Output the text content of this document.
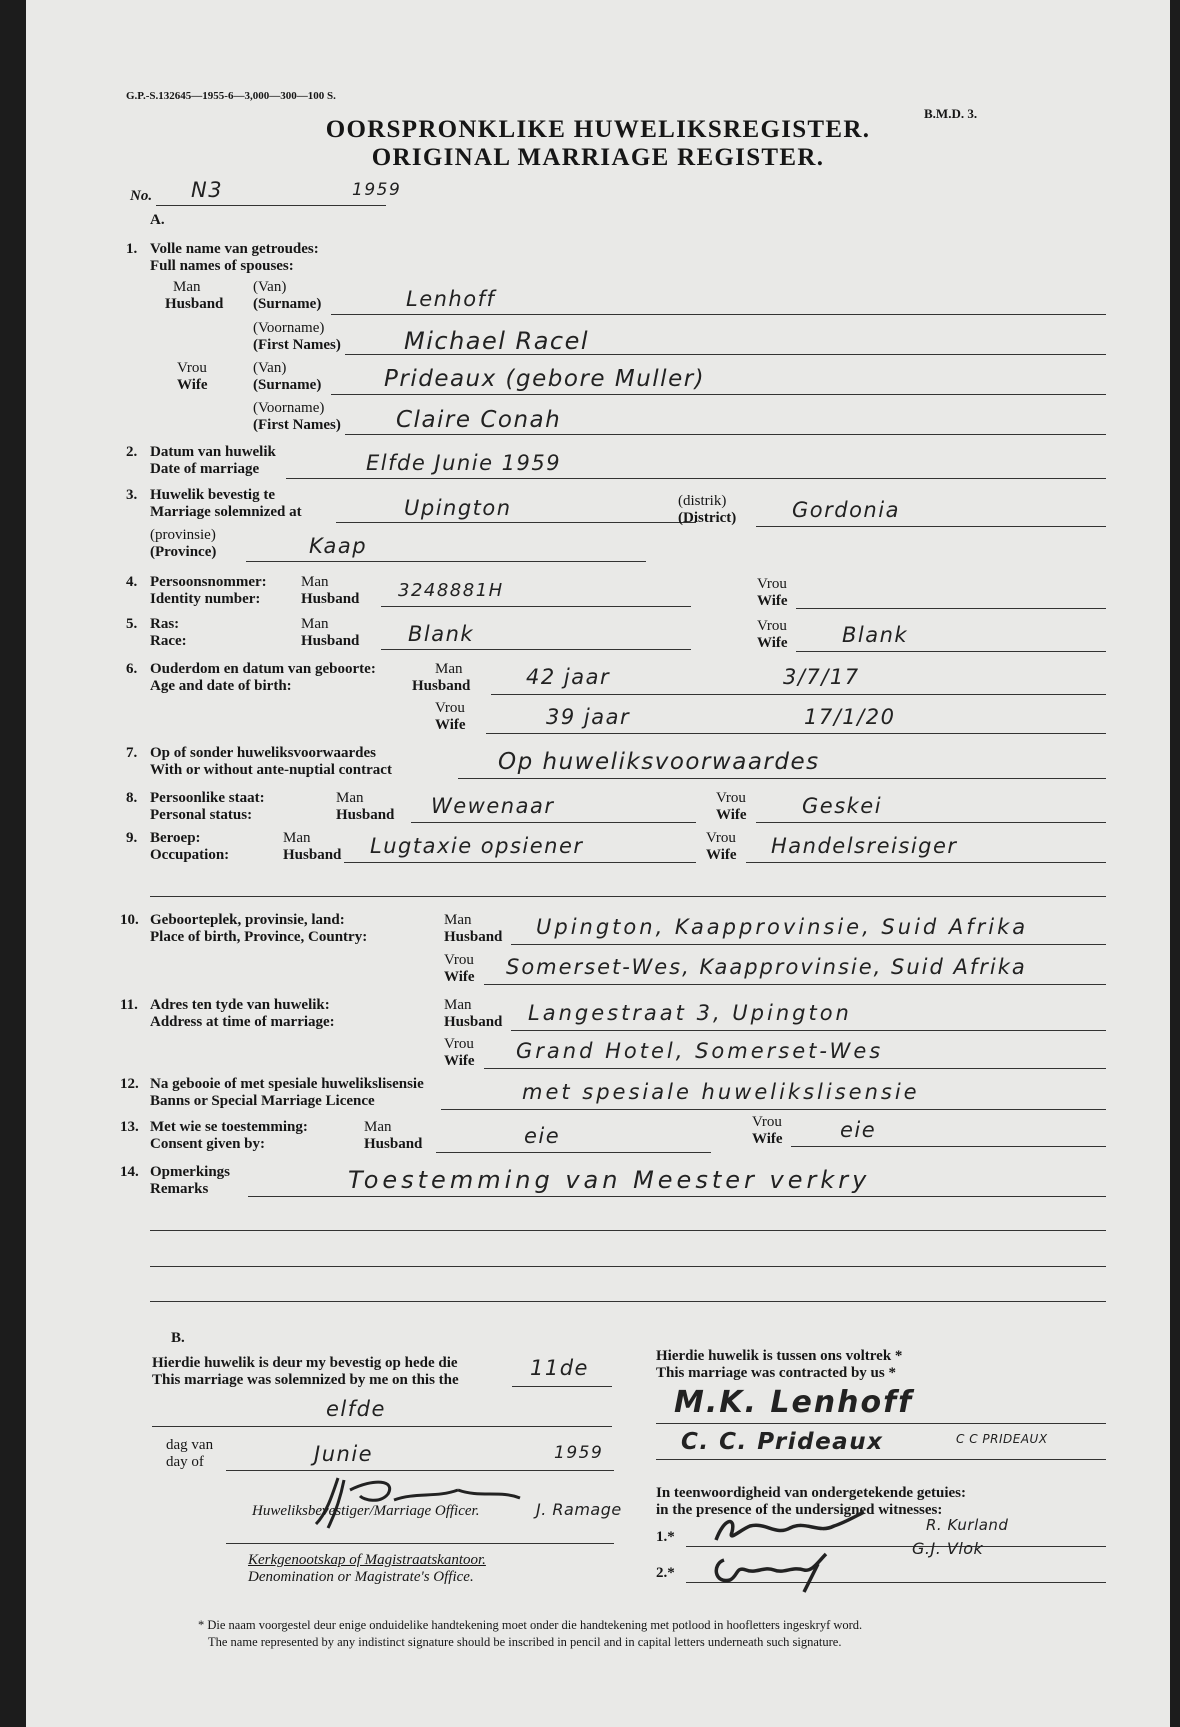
G.P.-S.132645—1955-6—3,000—300—100 S.
B.M.D. 3.
OORSPRONKLIKE HUWELIKSREGISTER.
ORIGINAL MARRIAGE REGISTER.
No. N3	1959
A.
1. Volle name van getroudes:
Full names of spouses:
Man
Husband
(Van)
(Surname)	Lenhoff
(Voorname)
(First Names)	Michael Racel
Vrou
Wife
(Van)
(Surname)	Prideaux (gebore Muller)
(Voorname)
(First Names) Claire Conah
2. Datum van huwelik
Date of marriage	Elfde Junie 1959
3. Huwelik bevestig te
Marriage solemnized at	Upington	(distrik)
(District)	Gordonia
(provinsie)
(Province)	Kaap
4. Persoonsnommer:
Identity number:
Man
Husband 3248881H	Vrou
Wife
5. Ras:
Race:
Man
Husband Blank	Vrou
Wife	Blank
6. Ouderdom en datum van geboorte:
Age and date of birth:
Man
Husband	42 jaar	3/7/17
Vrou
Wife	39 jaar	17/1/20
7. Op of sonder huweliksvoorwaardes
With or without ante-nuptial contract	Op huweliksvoorwaardes
8. Persoonlike staat:
Personal status:
Man
Husband Wewenaar	Vrou
Wife	Geskei
9. Beroep:
Occupation:
Man
Husband Lugtaxie opsiener	Vrou
Wife Handelsreisiger
10. Geboorteplek, provinsie, land:
Place of birth, Province, Country:
Man
Husband Upington, Kaapprovinsie, Suid Afrika
Vrou
Wife Somerset-Wes, Kaapprovinsie, Suid Afrika
11. Adres ten tyde van huwelik:
Address at time of marriage:
Man
Husband Langestraat 3, Upington
Vrou
Wife Grand Hotel, Somerset-Wes
12. Na gebooie of met spesiale huwelikslisensie
Banns or Special Marriage Licence	met spesiale huwelikslisensie
13. Met wie se toestemming:
Consent given by:
Man
Husband	eie
Vrou
Wife	eie
14. Opmerkings
Remarks	Toestemming van Meester verkry
B.
Hierdie huwelik is deur my bevestig op hede die
This marriage was solemnized by me on this the	11de
elfde
dag van
day of	Junie	1959
Huweliksbevestiger/Marriage Officer.	J. Ramage
Kerkgenootskap of Magistraatskantoor.
Denomination or Magistrate's Office.
Hierdie huwelik is tussen ons voltrek *
This marriage was contracted by us *
M.K. Lenhoff
C. C. Prideaux	C C PRIDEAUX
In teenwoordigheid van ondergetekende getuies:
in the presence of the undersigned witnesses:
1.*
R. Kurland
2.*
G.J. Vlok
* Die naam voorgestel deur enige onduidelike handtekening moet onder die handtekening met potlood in hoofletters ingeskryf word.
The name represented by any indistinct signature should be inscribed in pencil and in capital letters underneath such signature.
